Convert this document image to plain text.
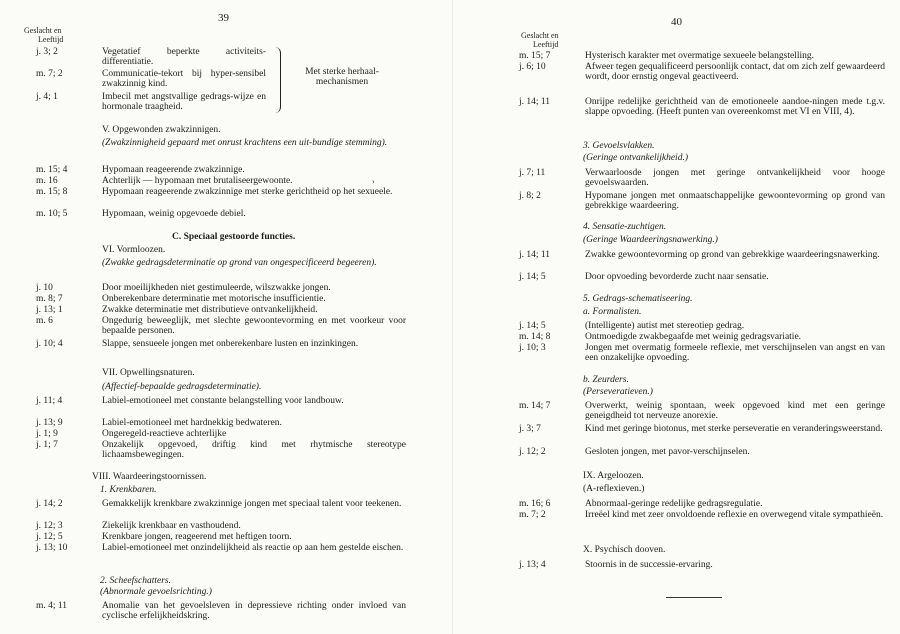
39
Geslacht en
Leeftijd
j. 3; 2	Vegetatief beperkte activiteits-differentiatie.
m. 7; 2	Communicatie-tekort bij hyper-sensibel zwakzinnig kind.
j. 4; 1	Imbecil met angstvallige gedrags-wijze en hormonale traagheid.
Met sterke herhaal-mechanismen
V. Opgewonden zwakzinnigen.
(Zwakzinnigheid gepaard met onrust krachtens een uit-bundige stemming).
m. 15; 4	Hypomaan reageerende zwakzinnige.
m. 16	Achterlijk — hypomaan met brutaliseergewoonte.
m. 15; 8	Hypomaan reageerende zwakzinnige met sterke gerichtheid op het sexueele.
m. 10; 5	Hypomaan, weinig opgevoede debiel.
›
C. Speciaal gestoorde functies.
VI. Vormloozen.
(Zwakke gedragsdeterminatie op grond van ongespecificeerd begeeren).
j. 10	Door moeilijkheden niet gestimuleerde, wilszwakke jongen.
m. 8; 7	Onberekenbare determinatie met motorische insufficientie.
j. 13; 1	Zwakke determinatie met distributieve ontvankelijkheid.
m. 6	Ongedurig beweeglijk, met slechte gewoontevorming en met voorkeur voor bepaalde personen.
j. 10; 4	Slappe, sensueele jongen met onberekenbare lusten en inzinkingen.
VII. Opwellingsnaturen.
(Affectief-bepaalde gedragsdeterminatie).
j. 11; 4	Labiel-emotioneel met constante belangstelling voor landbouw.
j. 13; 9	Labiel-emotioneel met hardnekkig bedwateren.
j. 1; 9	Ongeregeld-reactieve achterlijke
j. 1; 7	Onzakelijk opgevoed, driftig kind met rhytmische stereotype lichaamsbewegingen.
VIII. Waardeeringstoornissen.
1. Krenkbaren.
j. 14; 2	Gemakkelijk krenkbare zwakzinnige jongen met speciaal talent voor teekenen.
j. 12; 3	Ziekelijk krenkbaar en vasthoudend.
j. 12; 5	Krenkbare jongen, reageerend met heftigen toorn.
j. 13; 10	Labiel-emotioneel met onzindelijkheid als reactie op aan hem gestelde eischen.
2. Scheefschatters.
(Abnormale gevoelsrichting.)
m. 4; 11	Anomalie van het gevoelsleven in depressieve richting onder invloed van cyclische erfelijkheidskring.
40
Geslacht en
Leeftijd
m. 15; 7	Hysterisch karakter met overmatige sexueele belangstelling.
j. 6; 10	Afweer tegen gequalificeerd persoonlijk contact, dat om zich zelf gewaardeerd wordt, door ernstig ongeval geactiveerd.
j. 14; 11	Onrijpe redelijke gerichtheid van de emotioneele aandoe-ningen mede t.g.v. slappe opvoeding. (Heeft punten van overeenkomst met VI en VIII, 4).
3. Gevoelsvlakken.
(Geringe ontvankelijkheid.)
j. 7; 11	Verwaarloosde jongen met geringe ontvankelijkheid voor hooge gevoelswaarden.
j. 8; 2	Hypomane jongen met onmaatschappelijke gewoontevorming op grond van gebrekkige waardeering.
4. Sensatie-zuchtigen.
(Geringe Waardeeringsnawerking.)
j. 14; 11	Zwakke gewoontevorming op grond van gebrekkige waardeeringsnawerking.
j. 14; 5	Door opvoeding bevorderde zucht naar sensatie.
5. Gedrags-schematiseering.
a. Formalisten.
j. 14; 5	(Intelligente) autist met stereotiep gedrag.
m. 14; 8	Ontmoedigde zwakbegaafde met weinig gedragsvariatie.
j. 10; 3	Jongen met overmatig formeele reflexie, met verschijnselen van angst en van een onzakelijke opvoeding.
b. Zeurders.
(Perseveratieven.)
m. 14; 7	Overwerkt, weinig spontaan, week opgevoed kind met een geringe geneigdheid tot nerveuze anorexie.
j. 3; 7	Kind met geringe biotonus, met sterke perseveratie en veranderingsweerstand.
j. 12; 2	Gesloten jongen, met pavor-verschijnselen.
IX. Argeloozen.
(A-reflexieven.)
m. 16; 6	Abnormaal-geringe redelijke gedragsregulatie.
m. 7; 2	Irreëel kind met zeer onvoldoende reflexie en overwegend vitale sympathieën.
X. Psychisch dooven.
j. 13; 4	Stoornis in de successie-ervaring.
